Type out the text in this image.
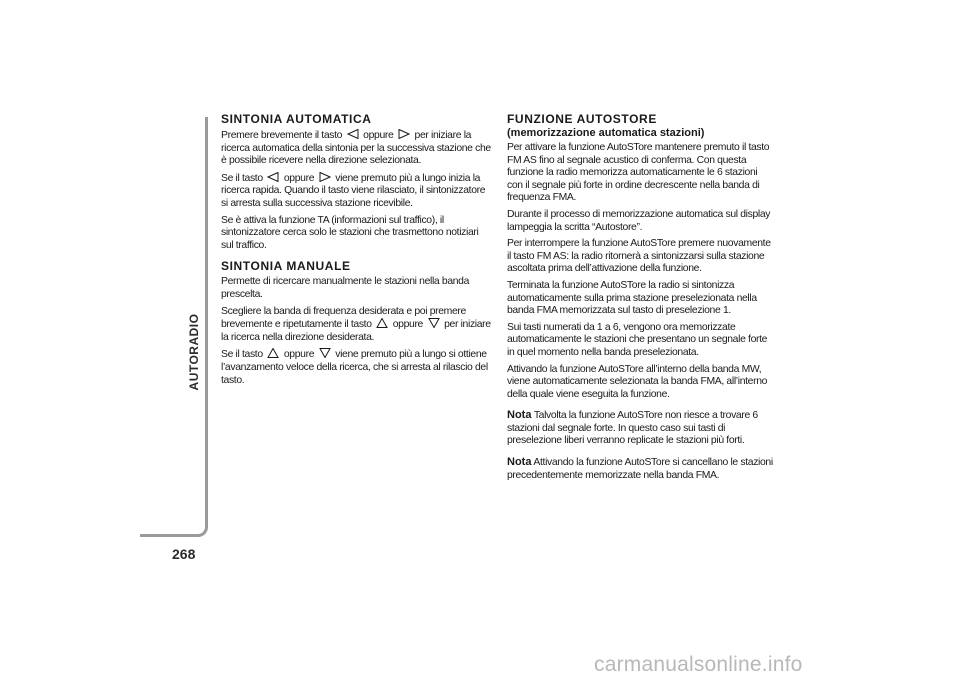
AUTORADIO
268
SINTONIA AUTOMATICA

Premere brevemente il tasto oppure per iniziare la ricerca automatica della sintonia per la successiva stazione che è possibile ricevere nella direzione selezionata.

Se il tasto oppure viene premuto più a lungo inizia la ricerca rapida. Quando il tasto viene rilasciato, il sintonizzatore si arresta sulla successiva stazione ricevibile.

Se è attiva la funzione TA (informazioni sul traffico), il sintonizzatore cerca solo le stazioni che trasmettono notiziari sul traffico.

SINTONIA MANUALE

Permette di ricercare manualmente le stazioni nella banda prescelta.

Scegliere la banda di frequenza desiderata e poi premere brevemente e ripetutamente il tasto oppure per iniziare la ricerca nella direzione desiderata.

Se il tasto oppure viene premuto più a lungo si ottiene l’avanzamento veloce della ricerca, che si arresta al rilascio del tasto.

FUNZIONE AUTOSTORE
(memorizzazione automatica stazioni)

Per attivare la funzione AutoSTore mantenere premuto il tasto FM AS fino al segnale acustico di conferma. Con questa funzione la radio memorizza automaticamente le 6 stazioni con il segnale più forte in ordine decrescente nella banda di frequenza FMA.

Durante il processo di memorizzazione automatica sul display lampeggia la scritta “Autostore”.

Per interrompere la funzione AutoSTore premere nuovamente il tasto FM AS: la radio ritornerà a sintonizzarsi sulla stazione ascoltata prima dell’attivazione della funzione.

Terminata la funzione AutoSTore la radio si sintonizza automaticamente sulla prima stazione preselezionata nella banda FMA memorizzata sul tasto di preselezione 1.

Sui tasti numerati da 1 a 6, vengono ora memorizzate automaticamente le stazioni che presentano un segnale forte in quel momento nella banda preselezionata.

Attivando la funzione AutoSTore all’interno della banda MW, viene automaticamente selezionata la banda FMA, all’interno della quale viene eseguita la funzione.

Nota Talvolta la funzione AutoSTore non riesce a trovare 6 stazioni dal segnale forte. In questo caso sui tasti di preselezione liberi verranno replicate le stazioni più forti.

Nota Attivando la funzione AutoSTore si cancellano le stazioni precedentemente memorizzate nella banda FMA.

carmanualsonline.info
